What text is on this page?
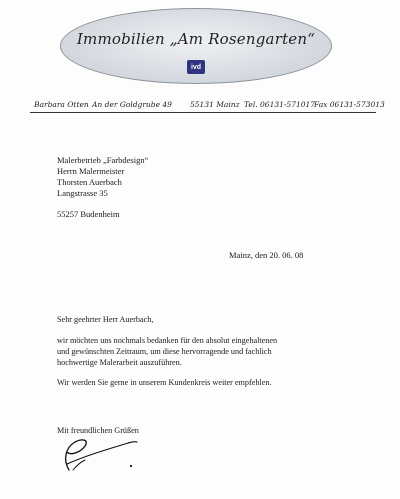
Immobilien „Am Rosengarten“
ivd
Barbara Otten An der Goldgrube 49 55131 Mainz Tel. 06131-571017
Fax 06131-573013
Malerbetrieb „Farbdesign“
Herrn Malermeister
Thorsten Auerbach
Langstrasse 35
55257 Budenheim
Mainz, den 20. 06. 08
Sehr geehrter Herr Auerbach,
wir möchten uns nochmals bedanken für den absolut eingehaltenen
und gewünschten Zeitraum, um diese hervorragende und fachlich
hochwertige Malerarbeit auszuführen.
Wir werden Sie gerne in unserem Kundenkreis weiter empfehlen.
Mit freundlichen Grüßen
